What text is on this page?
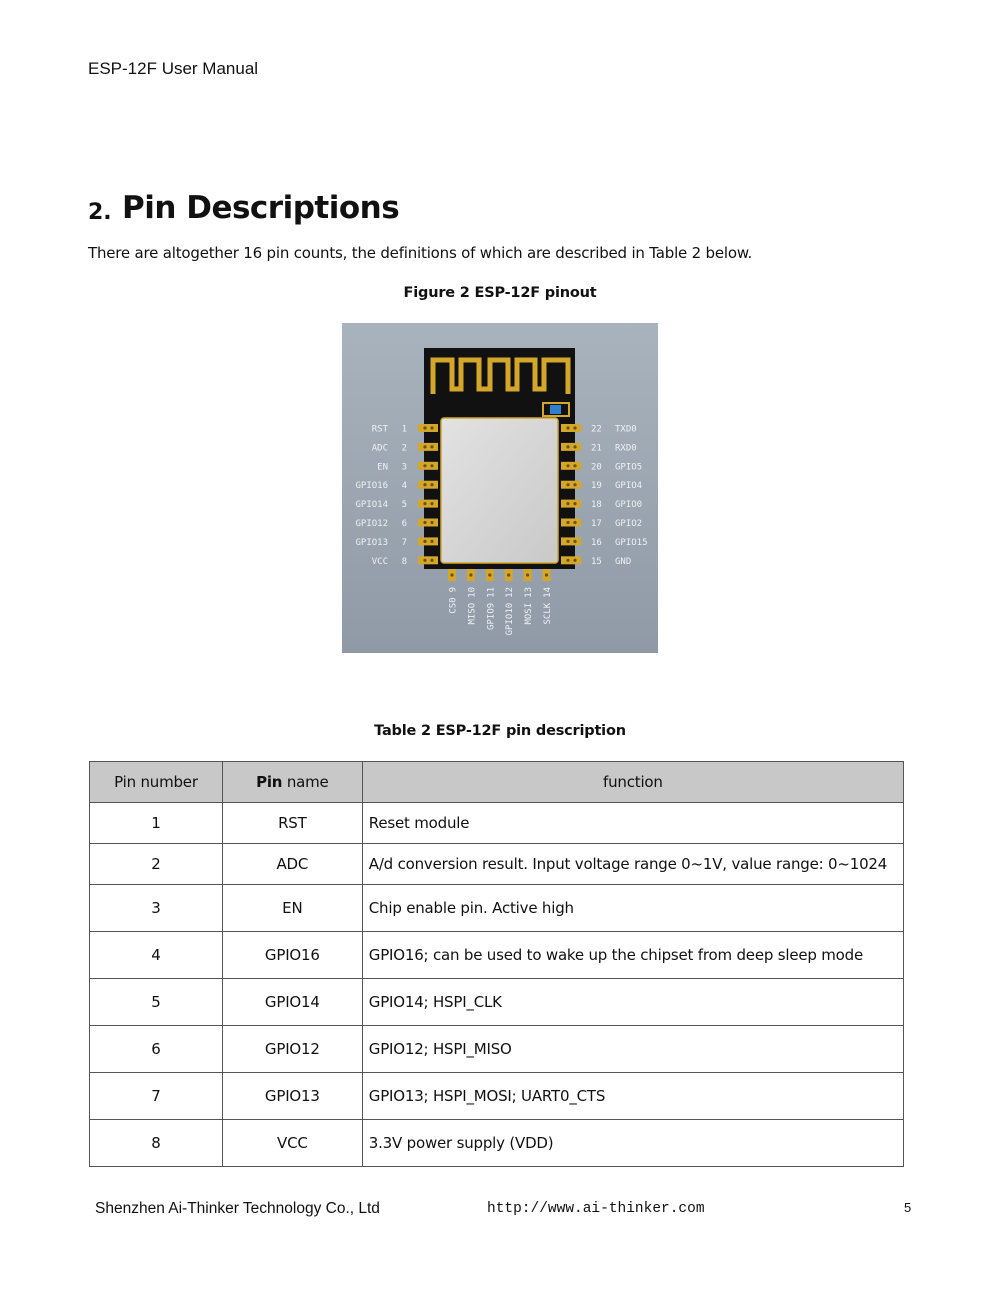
ESP-12F User Manual
2. Pin Descriptions
There are altogether 16 pin counts, the definitions of which are described in Table 2 below.
Figure 2 ESP-12F pinout
1
RST
2
ADC
3
EN
4
GPIO16
5
GPIO14
6
GPIO12
7
GPIO13
8
VCC
22 TXD0
21 RXD0
20 GPIO5
19 GPIO4
18 GPIO0
17 GPIO2
16 GPIO15
15 GND
CS09
MISO10
GPIO911
GPIO1012
MOSI13
SCLK14
Table 2 ESP-12F pin description
Pin number	Pin name	function
1	RST	Reset module
2	ADC	A/d conversion result. Input voltage range 0~1V, value range: 0~1024
3	EN	Chip enable pin. Active high
4	GPIO16	GPIO16; can be used to wake up the chipset from deep sleep mode
5	GPIO14	GPIO14; HSPI_CLK
6	GPIO12	GPIO12; HSPI_MISO
7	GPIO13	GPIO13; HSPI_MOSI; UART0_CTS
8	VCC	3.3V power supply (VDD)
Shenzhen Ai-Thinker Technology Co., Ltd	http://www.ai-thinker.com	5
